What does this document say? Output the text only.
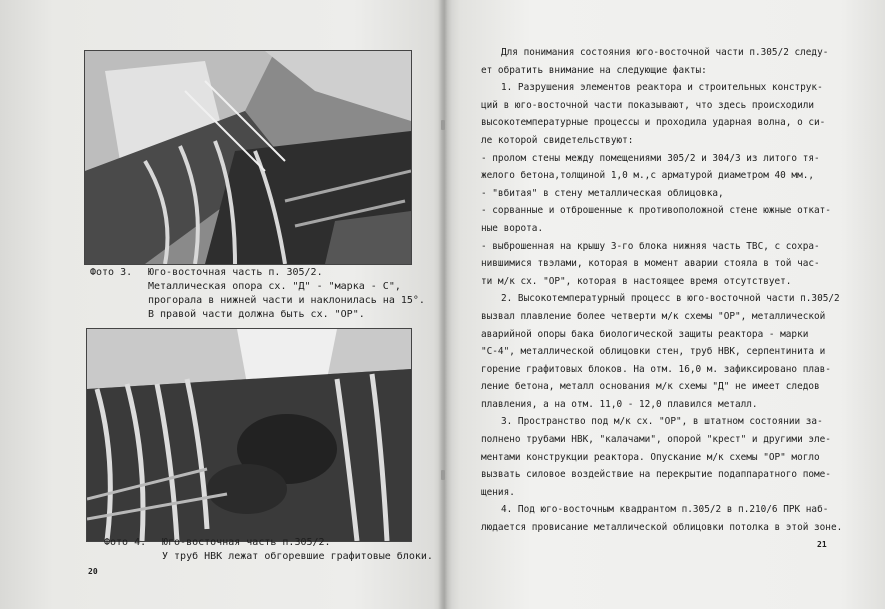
Фото 3. Юго-восточная часть п. 305/2.
Металлическая опора сх. "Д" - "марка - С",
прогорала в нижней части и наклонилась на 15°.
В правой части должна быть сх. "ОР".
Фото 4. Юго-восточная часть п.305/2.
У труб НВК лежат обгоревшие графитовые блоки.
20
Для понимания состояния юго-восточной части п.305/2 следу-
ет обратить внимание на следующие факты:
1. Разрушения элементов реактора и строительных конструк-
ций в юго-восточной части показывают, что здесь происходили
высокотемпературные процессы и проходила ударная волна, о си-
ле которой свидетельствуют:
- пролом стены между помещениями 305/2 и 304/3 из литого тя-
желого бетона,толщиной 1,0 м.,с арматурой диаметром 40 мм.,
- "вбитая" в стену металлическая облицовка,
- сорванные и отброшенные к противоположной стене южные откат-
ные ворота.
- выброшенная на крышу 3-го блока нижняя часть ТВС, с сохра-
нившимися твэлами, которая в момент аварии стояла в той час-
ти м/к сх. "ОР", которая в настоящее время отсутствует.
2. Высокотемпературный процесс в юго-восточной части п.305/2
вызвал плавление более четверти м/к схемы "ОР", металлической
аварийной опоры бака биологической защиты реактора - марки
"С-4", металлической облицовки стен, труб НВК, серпентинита и
горение графитовых блоков. На отм. 16,0 м. зафиксировано плав-
ление бетона, металл основания м/к схемы "Д" не имеет следов
плавления, а на отм. 11,0 - 12,0 плавился металл.
3. Пространство под м/к сх. "ОР", в штатном состоянии за-
полнено трубами НВК, "калачами", опорой "крест" и другими эле-
ментами конструкции реактора. Опускание м/к схемы "ОР" могло
вызвать силовое воздействие на перекрытие подаппаратного поме-
щения.
4. Под юго-восточным квадрантом п.305/2 в п.210/6 ПРК наб-
людается провисание металлической облицовки потолка в этой зоне.
21
